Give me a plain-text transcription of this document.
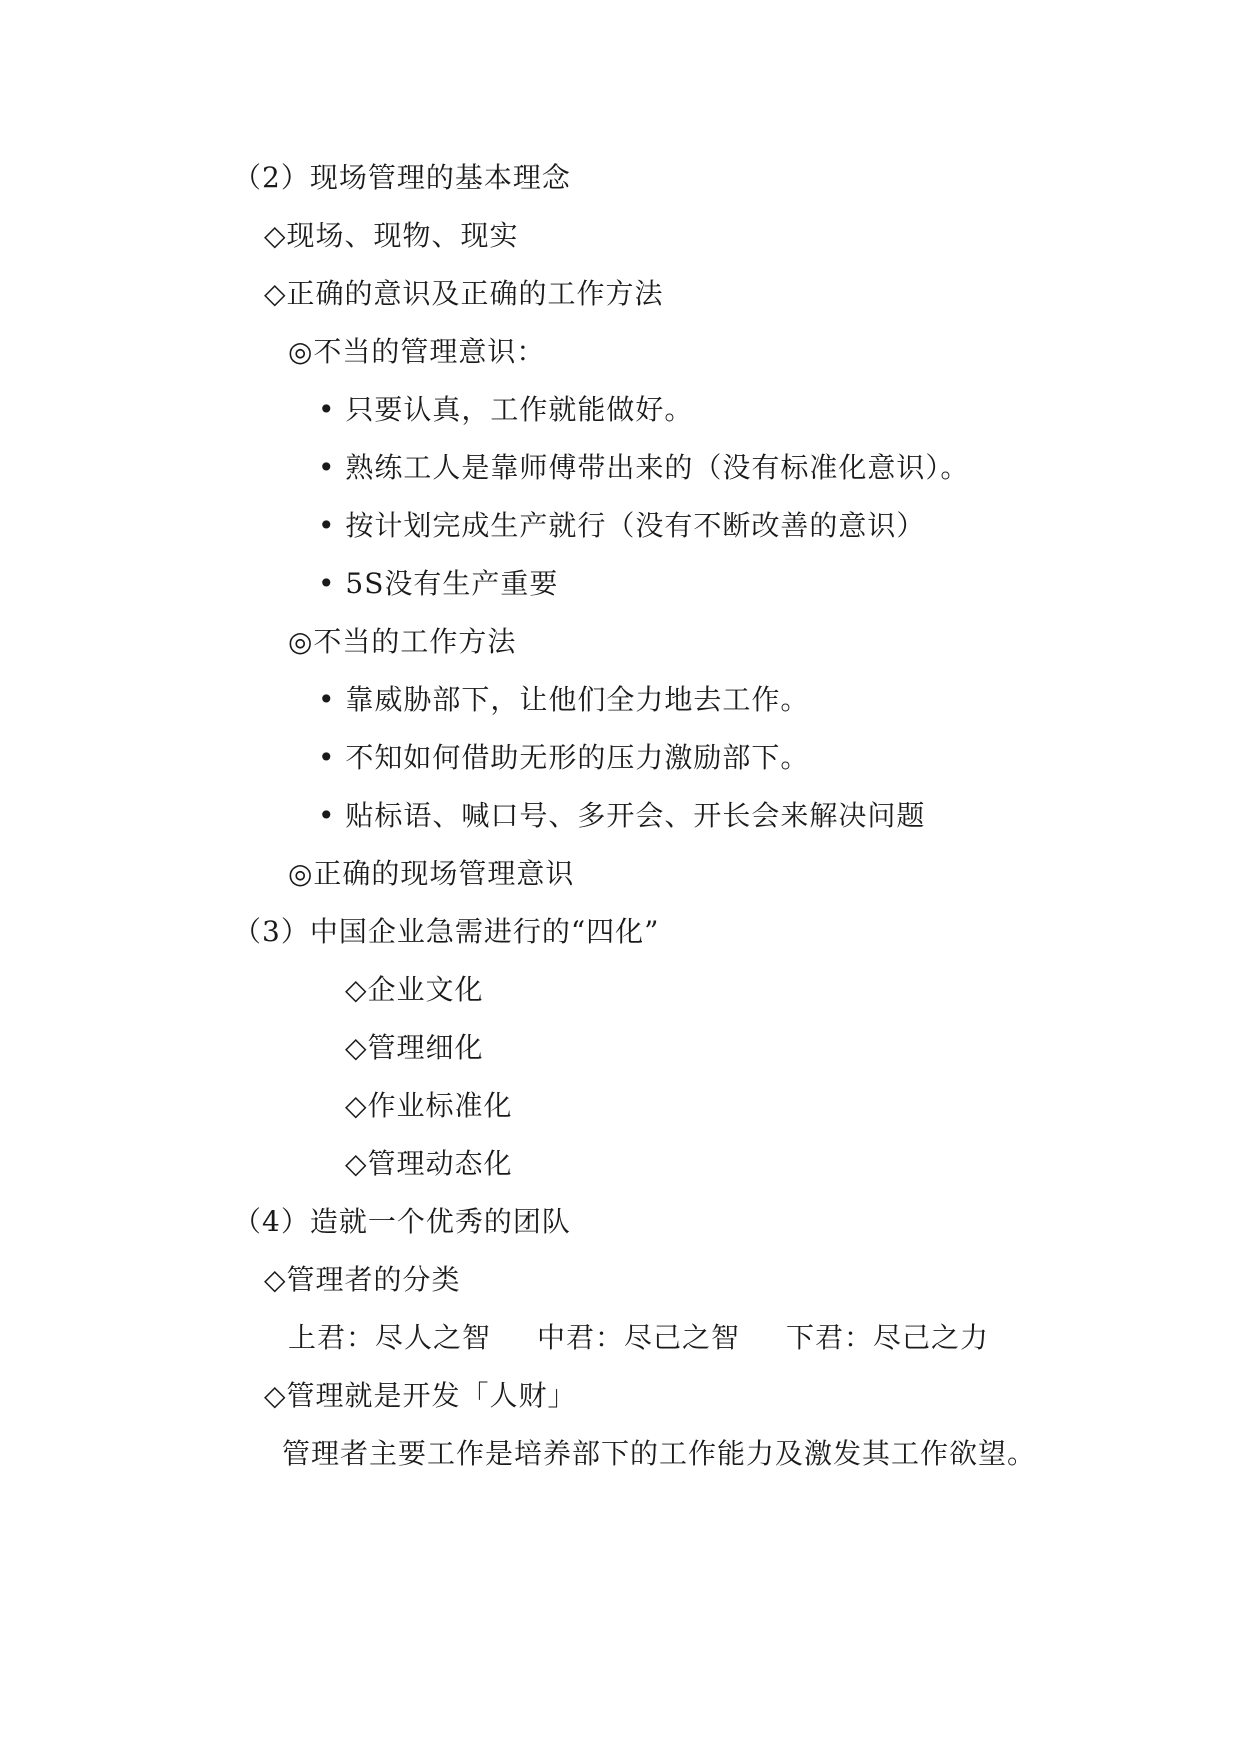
（2）现场管理的基本理念
◇现场、现物、现实
◇正确的意识及正确的工作方法
◎不当的管理意识：
• 只要认真，工作就能做好。
• 熟练工人是靠师傅带出来的（没有标准化意识）。
• 按计划完成生产就行（没有不断改善的意识）
• 5S没有生产重要
◎不当的工作方法
• 靠威胁部下，让他们全力地去工作。
• 不知如何借助无形的压力激励部下。
• 贴标语、喊口号、多开会、开长会来解决问题
◎正确的现场管理意识
（3）中国企业急需进行的“四化”
◇企业文化
◇管理细化
◇作业标准化
◇管理动态化
（4）造就一个优秀的团队
◇管理者的分类
上君：尽人之智 中君：尽己之智 下君：尽己之力
◇管理就是开发「人财」
管理者主要工作是培养部下的工作能力及激发其工作欲望。
